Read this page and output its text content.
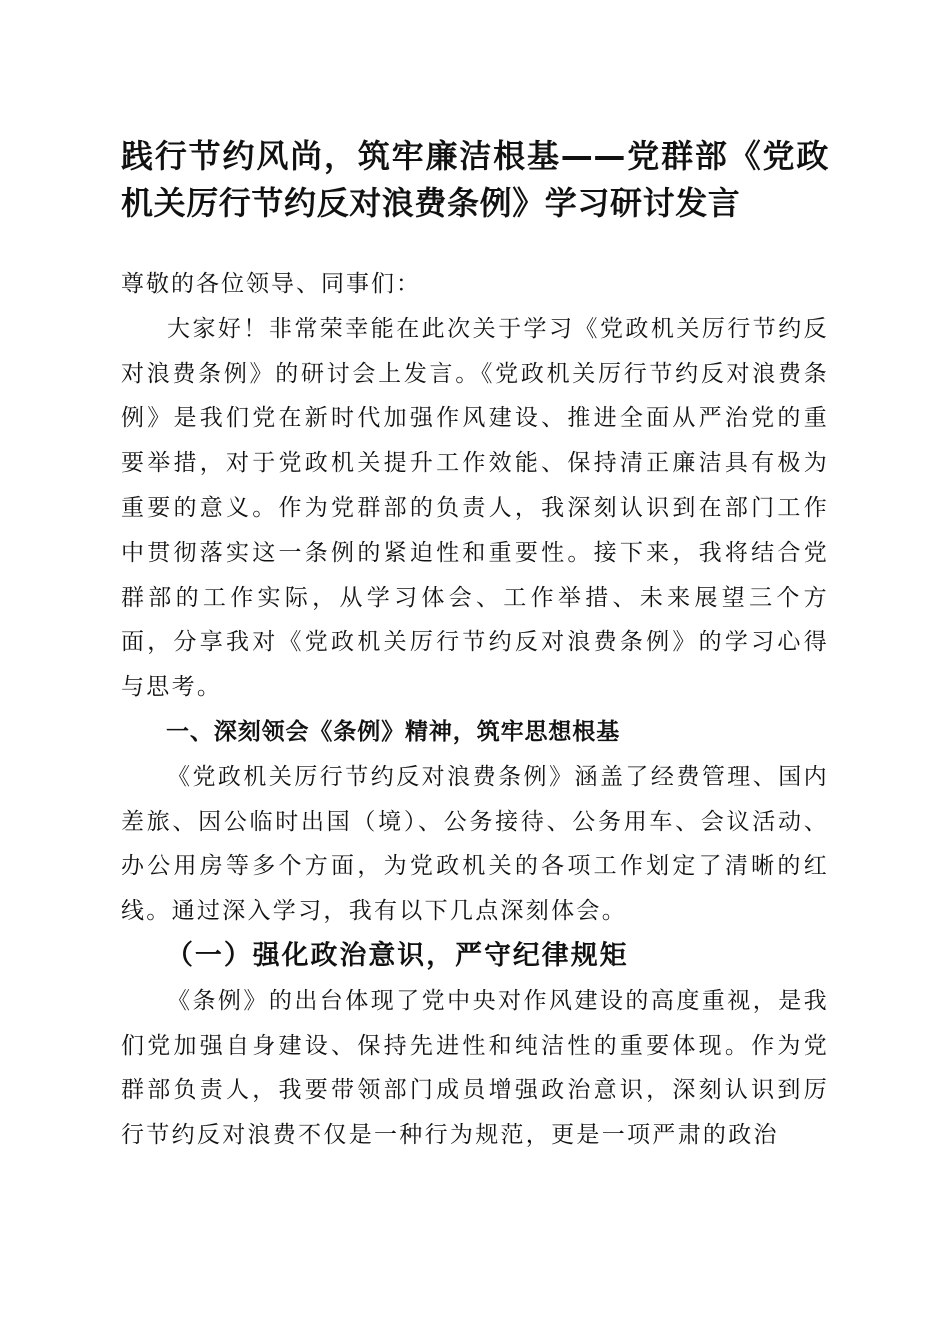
践行节约风尚，筑牢廉洁根基——党群部《党政机关厉行节约反对浪费条例》学习研讨发言

尊敬的各位领导、同事们：

大家好！非常荣幸能在此次关于学习《党政机关厉行节约反对浪费条例》的研讨会上发言。《党政机关厉行节约反对浪费条例》是我们党在新时代加强作风建设、推进全面从严治党的重要举措，对于党政机关提升工作效能、保持清正廉洁具有极为重要的意义。作为党群部的负责人，我深刻认识到在部门工作中贯彻落实这一条例的紧迫性和重要性。接下来，我将结合党群部的工作实际，从学习体会、工作举措、未来展望三个方面，分享我对《党政机关厉行节约反对浪费条例》的学习心得与思考。

一、深刻领会《条例》精神，筑牢思想根基

《党政机关厉行节约反对浪费条例》涵盖了经费管理、国内差旅、因公临时出国（境）、公务接待、公务用车、会议活动、办公用房等多个方面，为党政机关的各项工作划定了清晰的红线。通过深入学习，我有以下几点深刻体会。

（一）强化政治意识，严守纪律规矩

《条例》的出台体现了党中央对作风建设的高度重视，是我们党加强自身建设、保持先进性和纯洁性的重要体现。作为党群部负责人，我要带领部门成员增强政治意识，深刻认识到厉行节约反对浪费不仅是一种行为规范，更是一项严肃的政治
